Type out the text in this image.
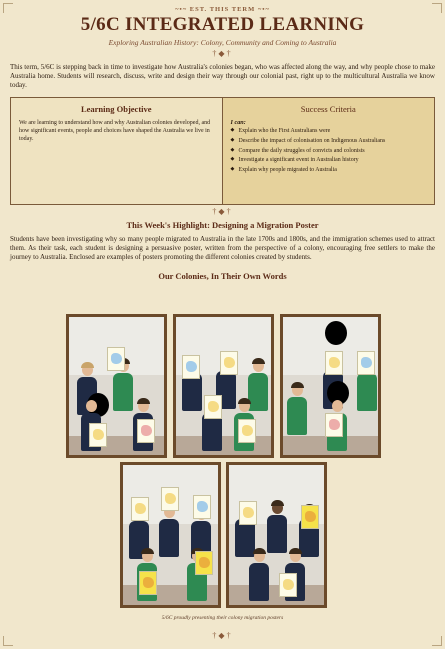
~•~ EST. THIS TERM ~•~
5/6C INTEGRATED LEARNING
Exploring Australian History: Colony, Community and Coming to Australia
†◆†

This term, 5/6C is stepping back in time to investigate how Australia's colonies began, who was affected along the way, and why people chose to make Australia home. Students will research, discuss, write and design their way through our colonial past, right up to the multicultural Australia we know today.

Learning Objective

We are learning to understand how and why Australian colonies developed, and how significant events, people and choices have shaped the Australia we live in today.

Success Criteria
I can:
◆ Explain who the First Australians were
◆ Describe the impact of colonisation on Indigenous Australians
◆ Compare the daily struggles of convicts and colonists
◆ Investigate a significant event in Australian history
◆ Explain why people migrated to Australia
†◆†
This Week's Highlight: Designing a Migration Poster

Students have been investigating why so many people migrated to Australia in the late 1700s and 1800s, and the immigration schemes used to attract them. As their task, each student is designing a persuasive poster, written from the perspective of a colony, encouraging free settlers to make the journey to Australia. Enclosed are examples of posters promoting the different colonies created by students.

Our Colonies, In Their Own Words
5/6C proudly presenting their colony migration posters
†◆†
